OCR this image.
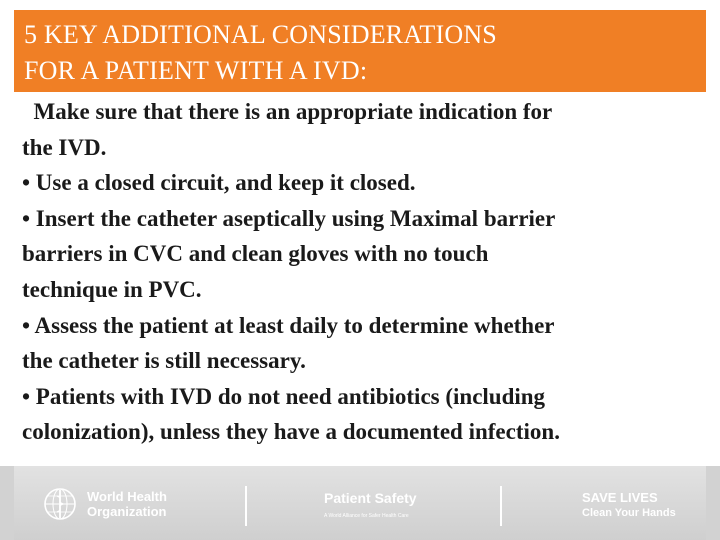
5 KEY ADDITIONAL CONSIDERATIONS
FOR A PATIENT WITH A IVD:
Make sure that there is an appropriate indication for
the IVD.
• Use a closed circuit, and keep it closed.
• Insert the catheter aseptically using Maximal barrier
barriers in CVC and clean gloves with no touch
technique in PVC.
• Assess the patient at least daily to determine whether
the catheter is still necessary.
• Patients with IVD do not need antibiotics (including
colonization), unless they have a documented infection.
World Health
Organization
Patient Safety
A World Alliance for Safer Health Care
SAVE LIVES
Clean Your Hands
